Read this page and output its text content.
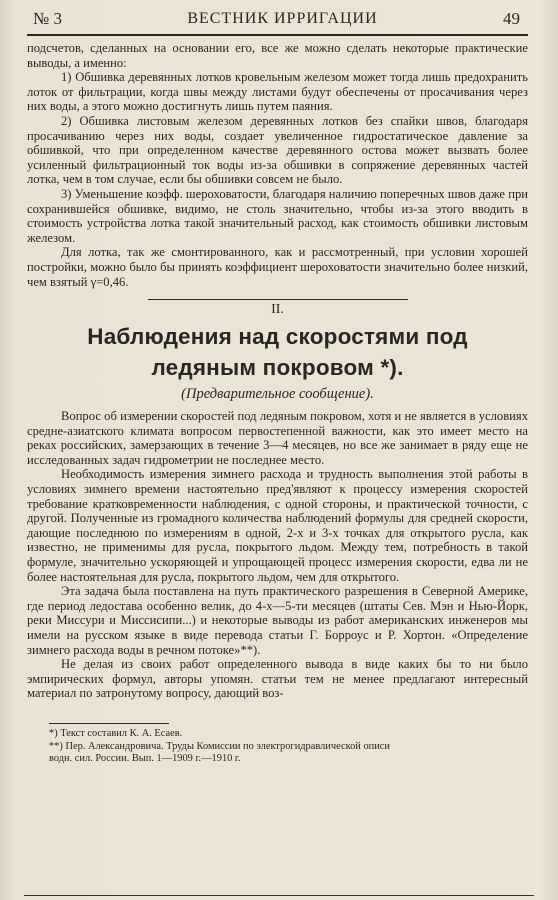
№ 3	ВЕСТНИК ИРРИГАЦИИ	49

подсчетов, сделанных на основании его, все же можно сделать некоторые практические выводы, а именно:

1) Обшивка деревянных лотков кровельным железом может тогда лишь предохранить лоток от фильтрации, когда швы между листами будут обеспечены от просачивания через них воды, а этого можно достигнуть лишь путем паяния.

2) Обшивка листовым железом деревянных лотков без спайки швов, благодаря просачиванию через них воды, создает увеличенное гидростатическое давление за обшивкой, что при определенном качестве деревянного остова может вызвать более усиленный фильтрационный ток воды из-за обшивки в сопряжение деревянных частей лотка, чем в том случае, если бы обшивки совсем не было.

3) Уменьшение коэфф. шероховатости, благодаря наличию поперечных швов даже при сохранившейся обшивке, видимо, не столь значительно, чтобы из-за этого вводить в стоимость устройства лотка такой значительный расход, как стоимость обшивки листовым железом.

Для лотка, так же смонтированного, как и рассмотренный, при условии хорошей постройки, можно было бы принять коэффициент шероховатости значительно более низкий, чем взятый γ=0,46.

II.
Наблюдения над скоростями под
ледяным покровом *).
(Предварительное сообщение).

Вопрос об измерении скоростей под ледяным покровом, хотя и не является в условиях средне-азиатского климата вопросом первостепенной важности, как это имеет место на реках российских, замерзающих в течение 3—4 месяцев, но все же занимает в ряду еще не исследованных задач гидрометрии не последнее место.

Необходимость измерения зимнего расхода и трудность выполнения этой работы в условиях зимнего времени настоятельно пред'являют к процессу измерения скоростей требование кратковременности наблюдения, с одной стороны, и практической точности, с другой. Полученные из громадного количества наблюдений формулы для средней скорости, дающие последнюю по измерениям в одной, 2-х и 3-х точках для открытого русла, как известно, не применимы для русла, покрытого льдом. Между тем, потребность в такой формуле, значительно ускоряющей и упрощающей процесс измерения скорости, едва ли не более настоятельная для русла, покрытого льдом, чем для открытого.

Эта задача была поставлена на путь практического разрешения в Северной Америке, где период ледостава особенно велик, до 4-х—5-ти месяцев (штаты Сев. Мэн и Нью-Йорк, реки Миссури и Миссисипи...) и некоторые выводы из работ американских инженеров мы имели на русском языке в виде перевода статьи Г. Борроус и Р. Хортон. «Определение зимнего расхода воды в речном потоке»**).

Не делая из своих работ определенного вывода в виде каких бы то ни было эмпирических формул, авторы упомян. статьи тем не менее предлагают интересный материал по затронутому вопросу, дающий воз-

*) Текст составил К. А. Есаев.
**) Пер. Александровича. Труды Комиссии по электрогидравлической описи
водн. сил. России. Вып. 1—1909 г.—1910 г.
